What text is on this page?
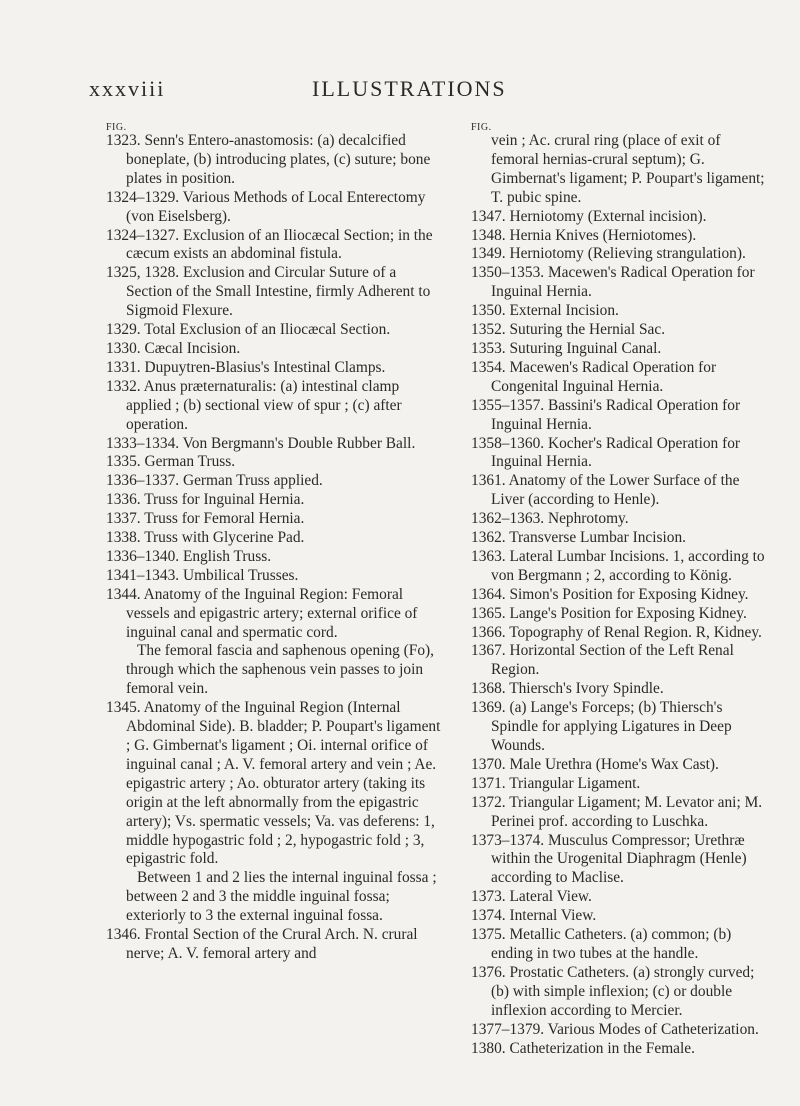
xxxviii	ILLUSTRATIONS
FIG.

1323. Senn's Entero-anastomosis: (a) decalcified boneplate, (b) introducing plates, (c) suture; bone plates in position.

1324–1329. Various Methods of Local Enterectomy (von Eiselsberg).

1324–1327. Exclusion of an Iliocæcal Section; in the cæcum exists an abdominal fistula.

1325, 1328. Exclusion and Circular Suture of a Section of the Small Intestine, firmly Adherent to Sigmoid Flexure.

1329. Total Exclusion of an Iliocæcal Section.

1330. Cæcal Incision.

1331. Dupuytren-Blasius's Intestinal Clamps.

1332. Anus præternaturalis: (a) intestinal clamp applied ; (b) sectional view of spur ; (c) after operation.

1333–1334. Von Bergmann's Double Rubber Ball.

1335. German Truss.

1336–1337. German Truss applied.

1336. Truss for Inguinal Hernia.

1337. Truss for Femoral Hernia.

1338. Truss with Glycerine Pad.

1336–1340. English Truss.

1341–1343. Umbilical Trusses.

1344. Anatomy of the Inguinal Region: Femoral vessels and epigastric artery; external orifice of inguinal canal and spermatic cord.

The femoral fascia and saphenous opening (Fo), through which the saphenous vein passes to join femoral vein.

1345. Anatomy of the Inguinal Region (Internal Abdominal Side). B. bladder; P. Poupart's ligament ; G. Gimbernat's ligament ; Oi. internal orifice of inguinal canal ; A. V. femoral artery and vein ; Ae. epigastric artery ; Ao. obturator artery (taking its origin at the left abnormally from the epigastric artery); Vs. spermatic vessels; Va. vas deferens: 1, middle hypogastric fold ; 2, hypogastric fold ; 3, epigastric fold.

Between 1 and 2 lies the internal inguinal fossa ; between 2 and 3 the middle inguinal fossa; exteriorly to 3 the external inguinal fossa.

1346. Frontal Section of the Crural Arch. N. crural nerve; A. V. femoral artery and

FIG.

vein ; Ac. crural ring (place of exit of femoral hernias-crural septum); G. Gimbernat's ligament; P. Poupart's ligament; T. pubic spine.

1347. Herniotomy (External incision).

1348. Hernia Knives (Herniotomes).

1349. Herniotomy (Relieving strangulation).

1350–1353. Macewen's Radical Operation for Inguinal Hernia.

1350. External Incision.

1352. Suturing the Hernial Sac.

1353. Suturing Inguinal Canal.

1354. Macewen's Radical Operation for Congenital Inguinal Hernia.

1355–1357. Bassini's Radical Operation for Inguinal Hernia.

1358–1360. Kocher's Radical Operation for Inguinal Hernia.

1361. Anatomy of the Lower Surface of the Liver (according to Henle).

1362–1363. Nephrotomy.

1362. Transverse Lumbar Incision.

1363. Lateral Lumbar Incisions. 1, according to von Bergmann ; 2, according to König.

1364. Simon's Position for Exposing Kidney.

1365. Lange's Position for Exposing Kidney.

1366. Topography of Renal Region. R, Kidney.

1367. Horizontal Section of the Left Renal Region.

1368. Thiersch's Ivory Spindle.

1369. (a) Lange's Forceps; (b) Thiersch's Spindle for applying Ligatures in Deep Wounds.

1370. Male Urethra (Home's Wax Cast).

1371. Triangular Ligament.

1372. Triangular Ligament; M. Levator ani; M. Perinei prof. according to Luschka.

1373–1374. Musculus Compressor; Urethræ within the Urogenital Diaphragm (Henle) according to Maclise.

1373. Lateral View.

1374. Internal View.

1375. Metallic Catheters. (a) common; (b) ending in two tubes at the handle.

1376. Prostatic Catheters. (a) strongly curved; (b) with simple inflexion; (c) or double inflexion according to Mercier.

1377–1379. Various Modes of Catheterization.

1380. Catheterization in the Female.
